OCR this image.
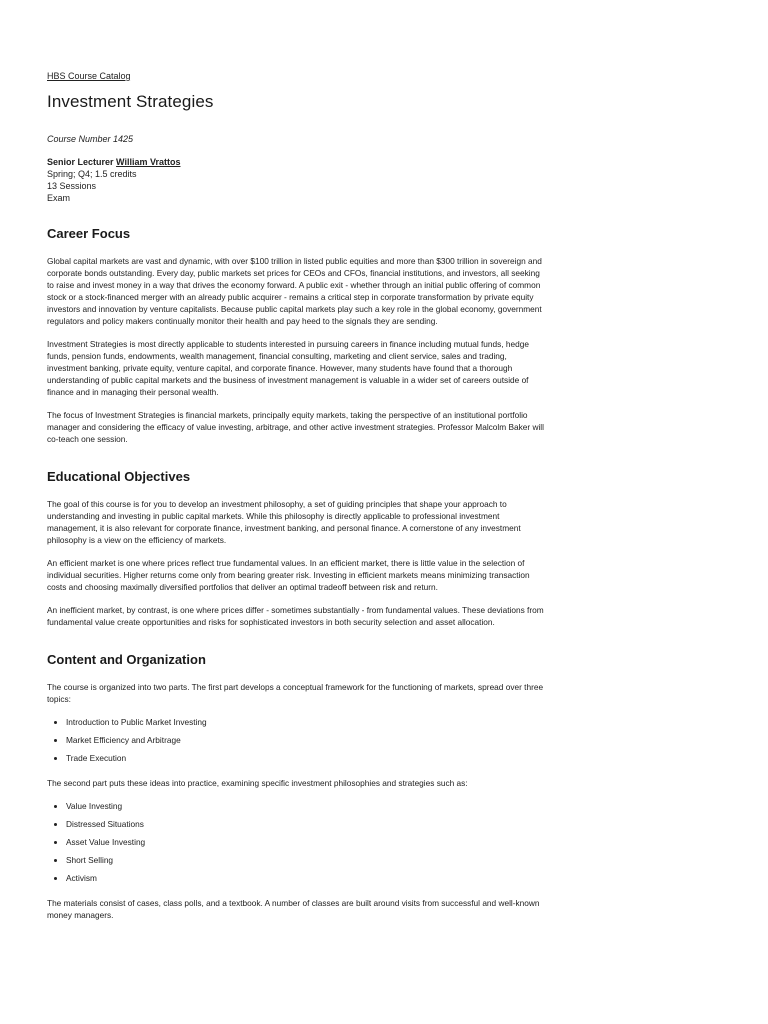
HBS Course Catalog
Investment Strategies
Course Number 1425
Senior Lecturer William Vrattos
Spring; Q4; 1.5 credits
13 Sessions
Exam
Career Focus

Global capital markets are vast and dynamic, with over $100 trillion in listed public equities and more than $300 trillion in sovereign and corporate bonds outstanding. Every day, public markets set prices for CEOs and CFOs, financial institutions, and investors, all seeking to raise and invest money in a way that drives the economy forward. A public exit - whether through an initial public offering of common stock or a stock-financed merger with an already public acquirer - remains a critical step in corporate transformation by private equity investors and innovation by venture capitalists. Because public capital markets play such a key role in the global economy, government regulators and policy makers continually monitor their health and pay heed to the signals they are sending.

Investment Strategies is most directly applicable to students interested in pursuing careers in finance including mutual funds, hedge funds, pension funds, endowments, wealth management, financial consulting, marketing and client service, sales and trading, investment banking, private equity, venture capital, and corporate finance. However, many students have found that a thorough understanding of public capital markets and the business of investment management is valuable in a wider set of careers outside of finance and in managing their personal wealth.

The focus of Investment Strategies is financial markets, principally equity markets, taking the perspective of an institutional portfolio manager and considering the efficacy of value investing, arbitrage, and other active investment strategies. Professor Malcolm Baker will co-teach one session.

Educational Objectives

The goal of this course is for you to develop an investment philosophy, a set of guiding principles that shape your approach to understanding and investing in public capital markets. While this philosophy is directly applicable to professional investment management, it is also relevant for corporate finance, investment banking, and personal finance. A cornerstone of any investment philosophy is a view on the efficiency of markets.

An efficient market is one where prices reflect true fundamental values. In an efficient market, there is little value in the selection of individual securities. Higher returns come only from bearing greater risk. Investing in efficient markets means minimizing transaction costs and choosing maximally diversified portfolios that deliver an optimal tradeoff between risk and return.

An inefficient market, by contrast, is one where prices differ - sometimes substantially - from fundamental values. These deviations from fundamental value create opportunities and risks for sophisticated investors in both security selection and asset allocation.

Content and Organization

The course is organized into two parts. The first part develops a conceptual framework for the functioning of markets, spread over three topics:

• Introduction to Public Market Investing
• Market Efficiency and Arbitrage
• Trade Execution

The second part puts these ideas into practice, examining specific investment philosophies and strategies such as:

• Value Investing
• Distressed Situations
• Asset Value Investing
• Short Selling
• Activism

The materials consist of cases, class polls, and a textbook. A number of classes are built around visits from successful and well-known money managers.
